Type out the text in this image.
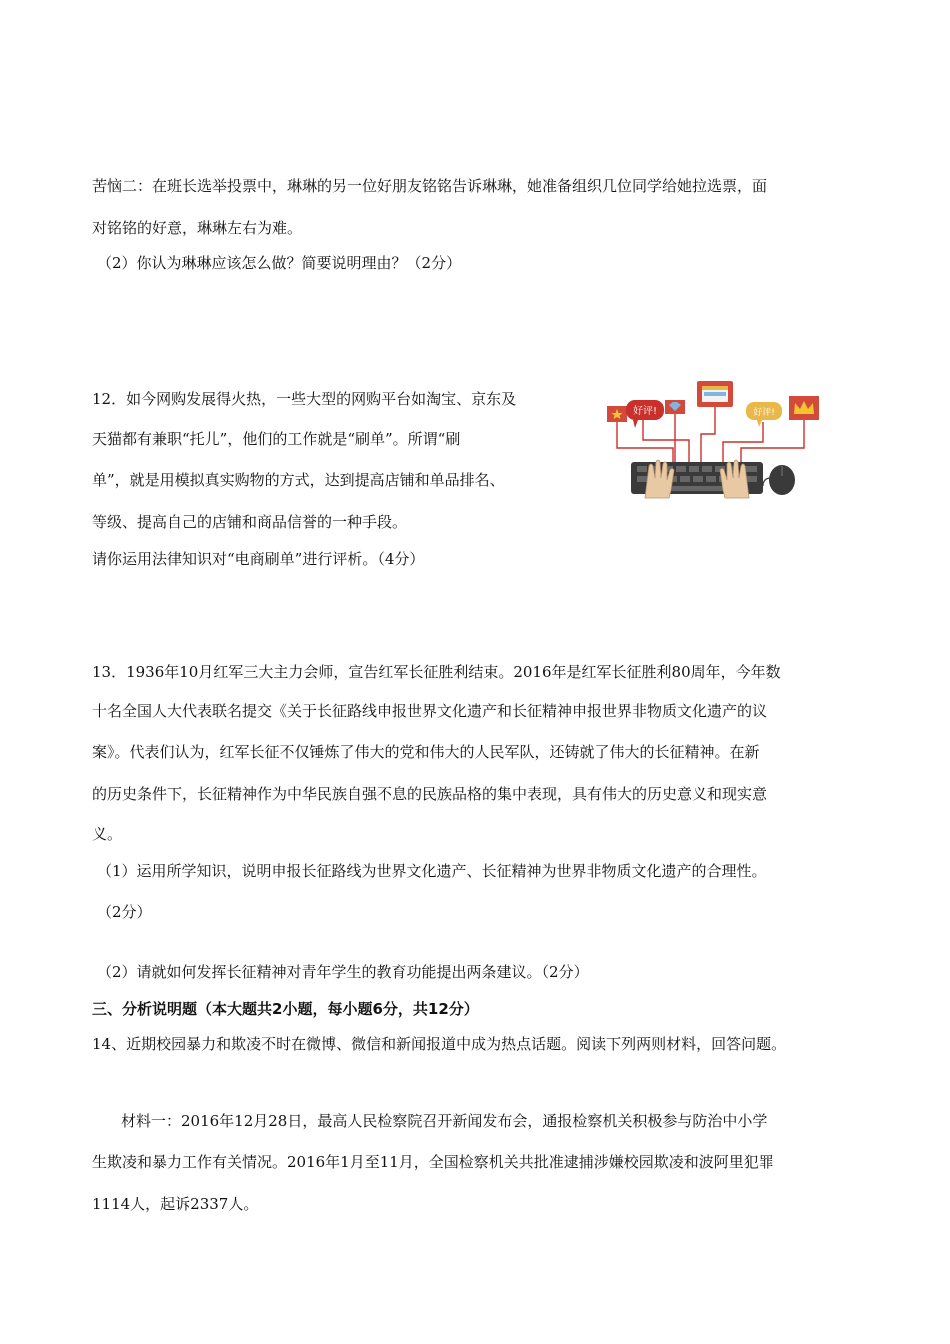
苦恼二：在班长选举投票中，琳琳的另一位好朋友铭铭告诉琳琳，她准备组织几位同学给她拉选票，面

对铭铭的好意，琳琳左右为难。

（2）你认为琳琳应该怎么做？简要说明理由？（2分）

12．如今网购发展得火热，一些大型的网购平台如淘宝、京东及

天猫都有兼职“托儿”，他们的工作就是“刷单”。所谓“刷

单”，就是用模拟真实购物的方式，达到提高店铺和单品排名、

等级、提高自己的店铺和商品信誉的一种手段。

请你运用法律知识对“电商刷单”进行评析。（4分）

好评!	好评!

13．1936年10月红军三大主力会师，宣告红军长征胜利结束。2016年是红军长征胜利80周年，今年数

十名全国人大代表联名提交《关于长征路线申报世界文化遗产和长征精神申报世界非物质文化遗产的议

案》。代表们认为，红军长征不仅锤炼了伟大的党和伟大的人民军队，还铸就了伟大的长征精神。在新

的历史条件下，长征精神作为中华民族自强不息的民族品格的集中表现，具有伟大的历史意义和现实意

义。

（1）运用所学知识，说明申报长征路线为世界文化遗产、长征精神为世界非物质文化遗产的合理性。

（2分）

（2）请就如何发挥长征精神对青年学生的教育功能提出两条建议。（2分）

三、分析说明题（本大题共2小题，每小题6分，共12分）

14、近期校园暴力和欺凌不时在微博、微信和新闻报道中成为热点话题。阅读下列两则材料，回答问题。

材料一：2016年12月28日，最高人民检察院召开新闻发布会，通报检察机关积极参与防治中小学

生欺凌和暴力工作有关情况。2016年1月至11月，全国检察机关共批准逮捕涉嫌校园欺凌和波阿里犯罪

1114人，起诉2337人。
